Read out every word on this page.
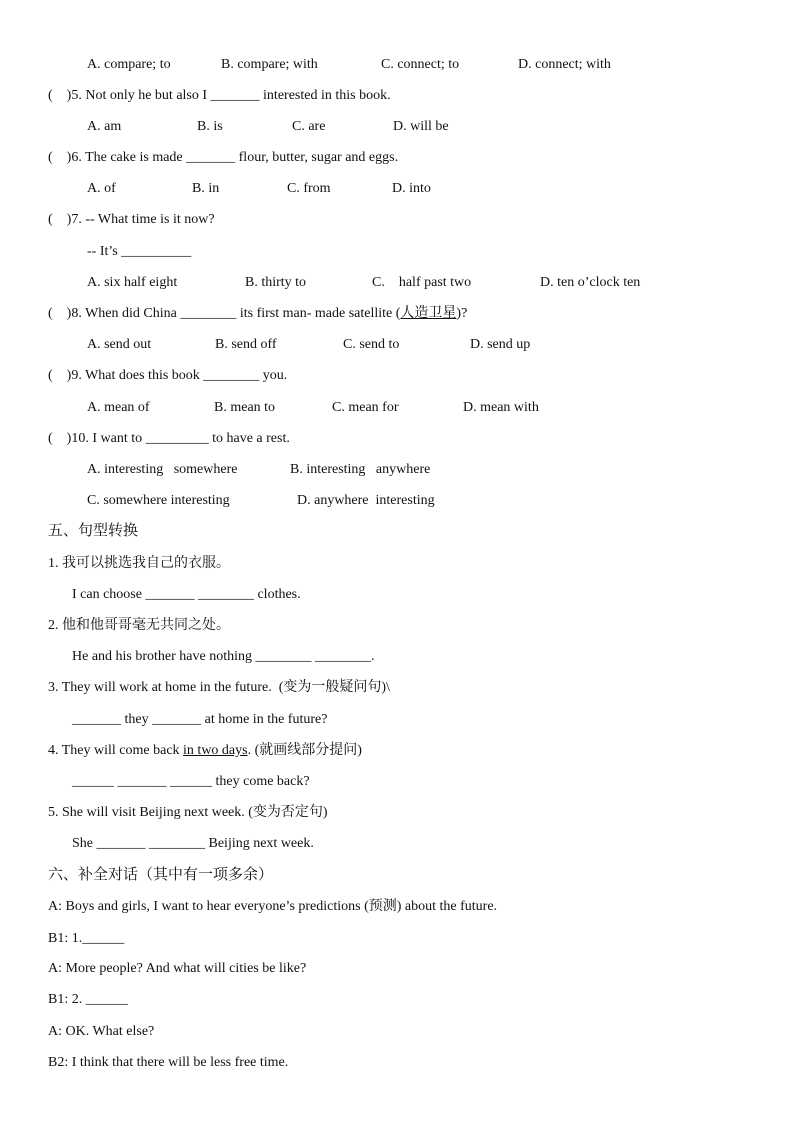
A. compare; to	B. compare; with	C. connect; to	D. connect; with
(    )5. Not only he but also I _______ interested in this book.
A. am	B. is	C. are	D. will be
(    )6. The cake is made _______ flour, butter, sugar and eggs.
A. of	B. in	C. from	D. into
(    )7. -- What time is it now?
-- It’s __________
A. six half eight	B. thirty to	C.    half past two	D. ten o’clock ten
(    )8. When did China ________ its first man- made satellite (人造卫星)?
A. send out	B. send off	C. send to	D. send up
(    )9. What does this book ________ you.
A. mean of	B. mean to	C. mean for	D. mean with
(    )10. I want to _________ to have a rest.
A. interesting   somewhere	B. interesting   anywhere
C. somewhere interesting	D. anywhere  interesting
五、句型转换
1. 我可以挑选我自己的衣服。
I can choose _______ ________ clothes.
2. 他和他哥哥毫无共同之处。
He and his brother have nothing ________ ________.
3. They will work at home in the future.  (变为一般疑问句)\
_______ they _______ at home in the future?
4. They will come back in two days. (就画线部分提问)
______ _______ ______ they come back?
5. She will visit Beijing next week. (变为否定句)
She _______ ________ Beijing next week.
六、补全对话（其中有一项多余）
A: Boys and girls, I want to hear everyone’s predictions (预测) about the future.
B1: 1.______
A: More people? And what will cities be like?
B1: 2. ______
A: OK. What else?
B2: I think that there will be less free time.
